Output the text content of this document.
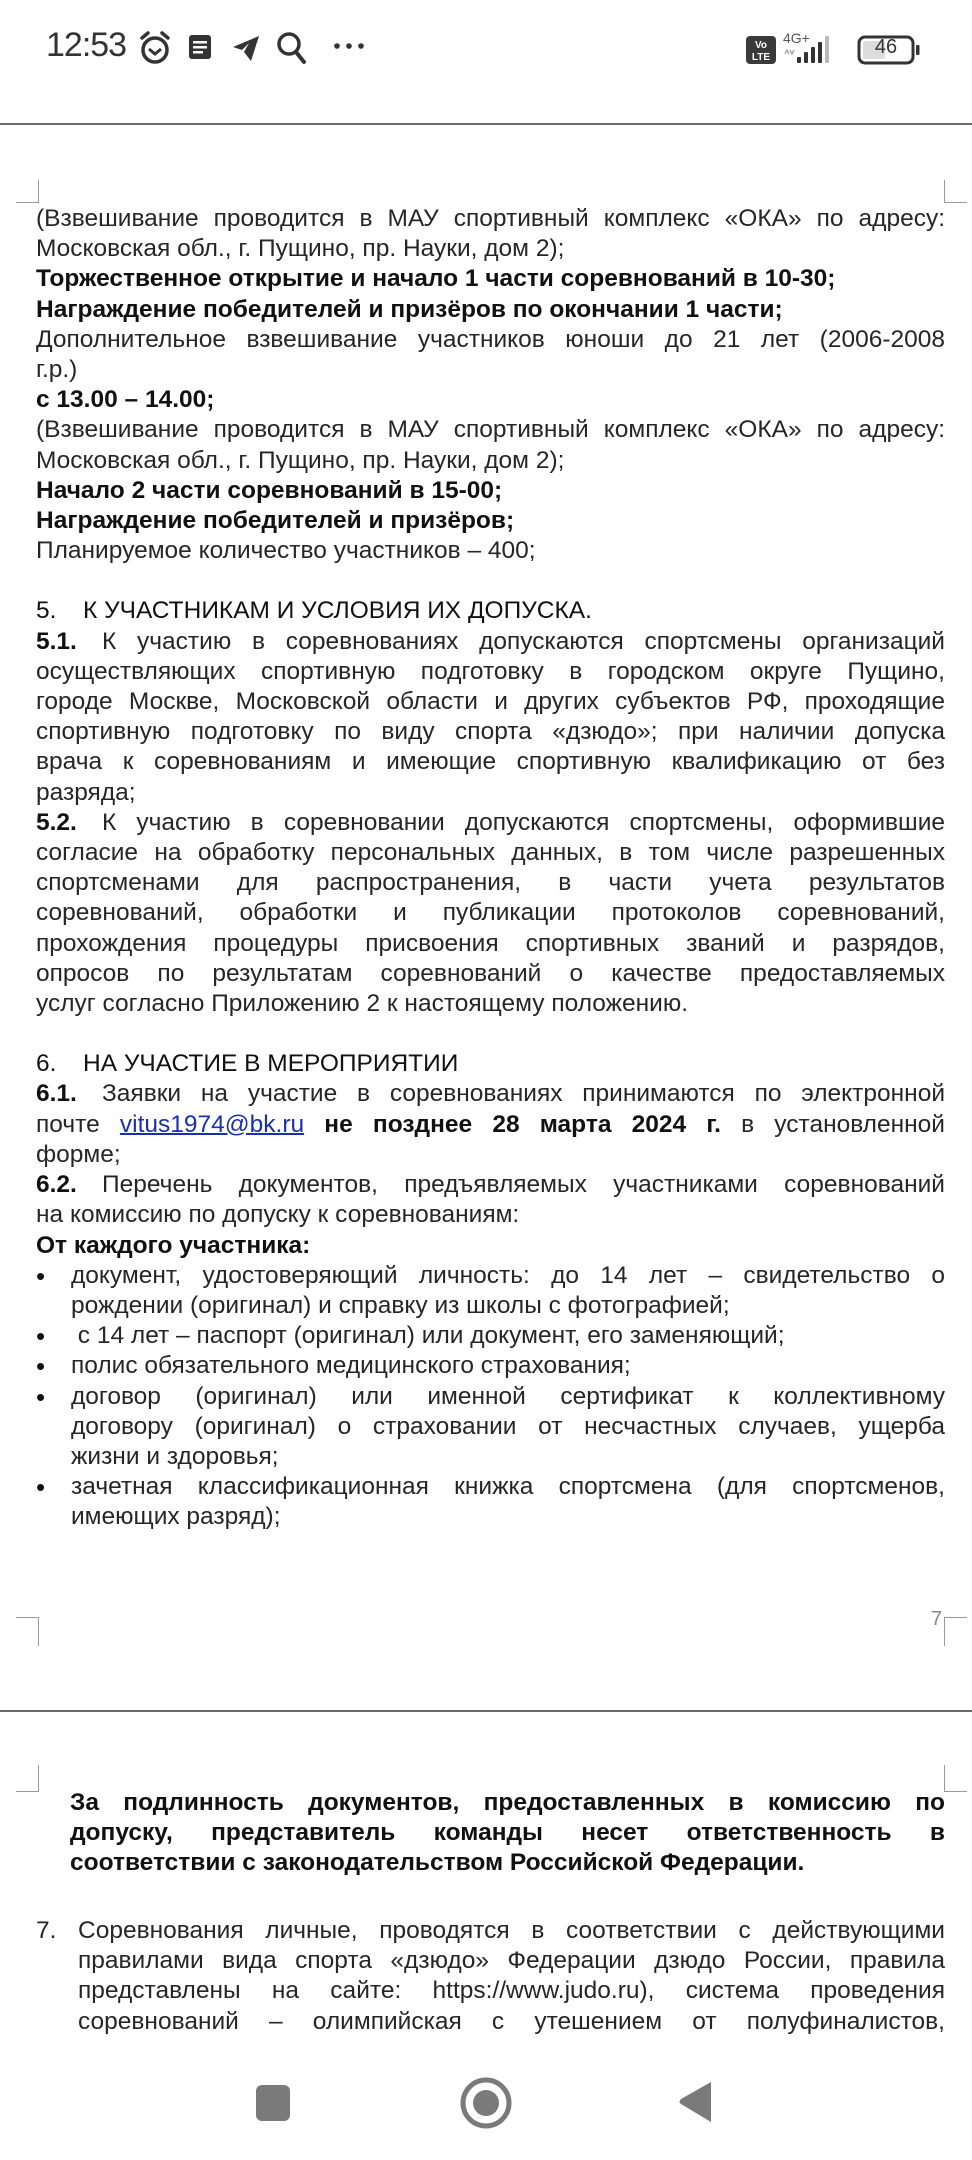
12:53	Vo
LTE
4G+	46
(Взвешивание проводится в МАУ спортивный комплекс «ОКА» по адресу:
Московская обл., г. Пущино, пр. Науки, дом 2);
Торжественное открытие и начало 1 части соревнований в 10-30;
Награждение победителей и призёров по окончании 1 части;
Дополнительное взвешивание участников юноши до 21 лет (2006-2008
г.р.)
с 13.00 – 14.00;
(Взвешивание проводится в МАУ спортивный комплекс «ОКА» по адресу:
Московская обл., г. Пущино, пр. Науки, дом 2);
Начало 2 части соревнований в 15-00;
Награждение победителей и призёров;
Планируемое количество участников – 400;
5. К УЧАСТНИКАМ И УСЛОВИЯ ИХ ДОПУСКА.
5.1. К участию в соревнованиях допускаются спортсмены организаций
осуществляющих спортивную подготовку в городском округе Пущино,
городе Москве, Московской области и других субъектов РФ, проходящие
спортивную подготовку по виду спорта «дзюдо»; при наличии допуска
врача к соревнованиям и имеющие спортивную квалификацию от без
разряда;
5.2. К участию в соревновании допускаются спортсмены, оформившие
согласие на обработку персональных данных, в том числе разрешенных
спортсменами для распространения, в части учета результатов
соревнований, обработки и публикации протоколов соревнований,
прохождения процедуры присвоения спортивных званий и разрядов,
опросов по результатам соревнований о качестве предоставляемых
услуг согласно Приложению 2 к настоящему положению.
6. НА УЧАСТИЕ В МЕРОПРИЯТИИ
6.1. Заявки на участие в соревнованиях принимаются по электронной
почте vitus1974@bk.ru не позднее 28 марта 2024 г. в установленной
форме;
6.2. Перечень документов, предъявляемых участниками соревнований
на комиссию по допуску к соревнованиям:
От каждого участника:
• документ, удостоверяющий личность: до 14 лет – свидетельство о
рождении (оригинал) и справку из школы с фотографией;
•  с 14 лет – паспорт (оригинал) или документ, его заменяющий;
• полис обязательного медицинского страхования;
• договор (оригинал) или именной сертификат к коллективному
договору (оригинал) о страховании от несчастных случаев, ущерба
жизни и здоровья;
• зачетная классификационная книжка спортсмена (для спортсменов,
имеющих разряд);
7
За подлинность документов, предоставленных в комиссию по
допуску, представитель команды несет ответственность в
соответствии с законодательством Российской Федерации.
7. Соревнования личные, проводятся в соответствии с действующими
правилами вида спорта «дзюдо» Федерации дзюдо России, правила
представлены на сайте: https://www.judo.ru), система проведения
соревнований – олимпийская с утешением от полуфиналистов,
